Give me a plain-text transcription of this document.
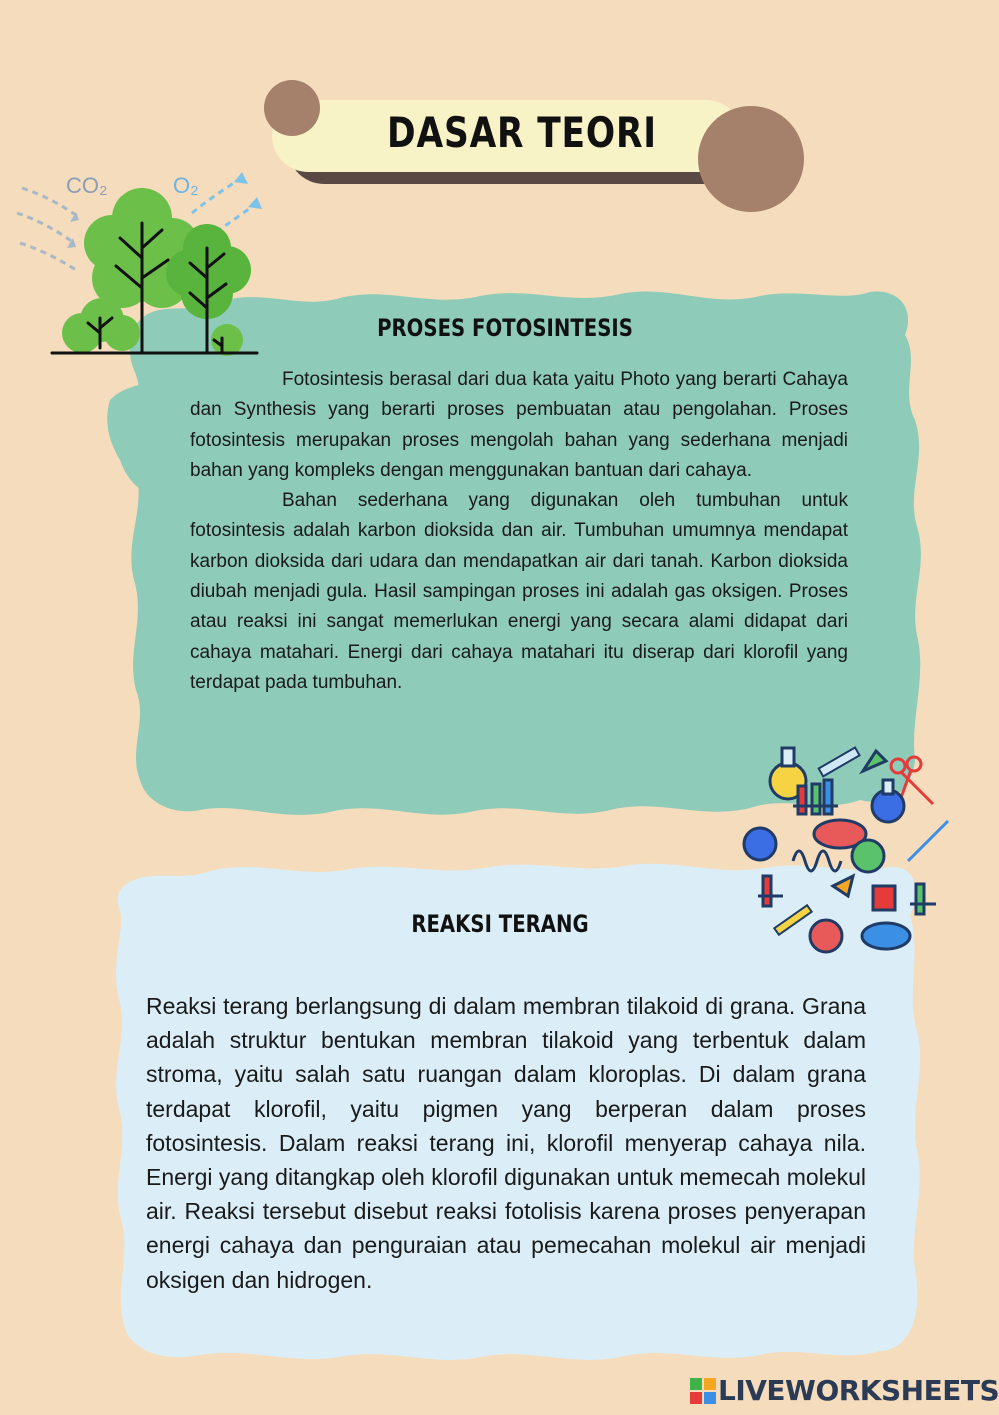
DASAR TEORI
PROSES FOTOSINTESIS

Fotosintesis berasal dari dua kata yaitu Photo yang berarti Cahaya dan Synthesis yang berarti proses pembuatan atau pengolahan. Proses fotosintesis merupakan proses mengolah bahan yang sederhana menjadi bahan yang kompleks dengan menggunakan bantuan dari cahaya.

Bahan sederhana yang digunakan oleh tumbuhan untuk fotosintesis adalah karbon dioksida dan air. Tumbuhan umumnya mendapat karbon dioksida dari udara dan mendapatkan air dari tanah. Karbon dioksida diubah menjadi gula. Hasil sampingan proses ini adalah gas oksigen. Proses atau reaksi ini sangat memerlukan energi yang secara alami didapat dari cahaya matahari. Energi dari cahaya matahari itu diserap dari klorofil yang terdapat pada tumbuhan.

CO₂	O₂
REAKSI TERANG

Reaksi terang berlangsung di dalam membran tilakoid di grana. Grana adalah struktur bentukan membran tilakoid yang terbentuk dalam stroma, yaitu salah satu ruangan dalam kloroplas. Di dalam grana terdapat klorofil, yaitu pigmen yang berperan dalam proses fotosintesis. Dalam reaksi terang ini, klorofil menyerap cahaya nila. Energi yang ditangkap oleh klorofil digunakan untuk memecah molekul air. Reaksi tersebut disebut reaksi fotolisis karena proses penyerapan energi cahaya dan penguraian atau pemecahan molekul air menjadi oksigen dan hidrogen.

LIVEWORKSHEETS
